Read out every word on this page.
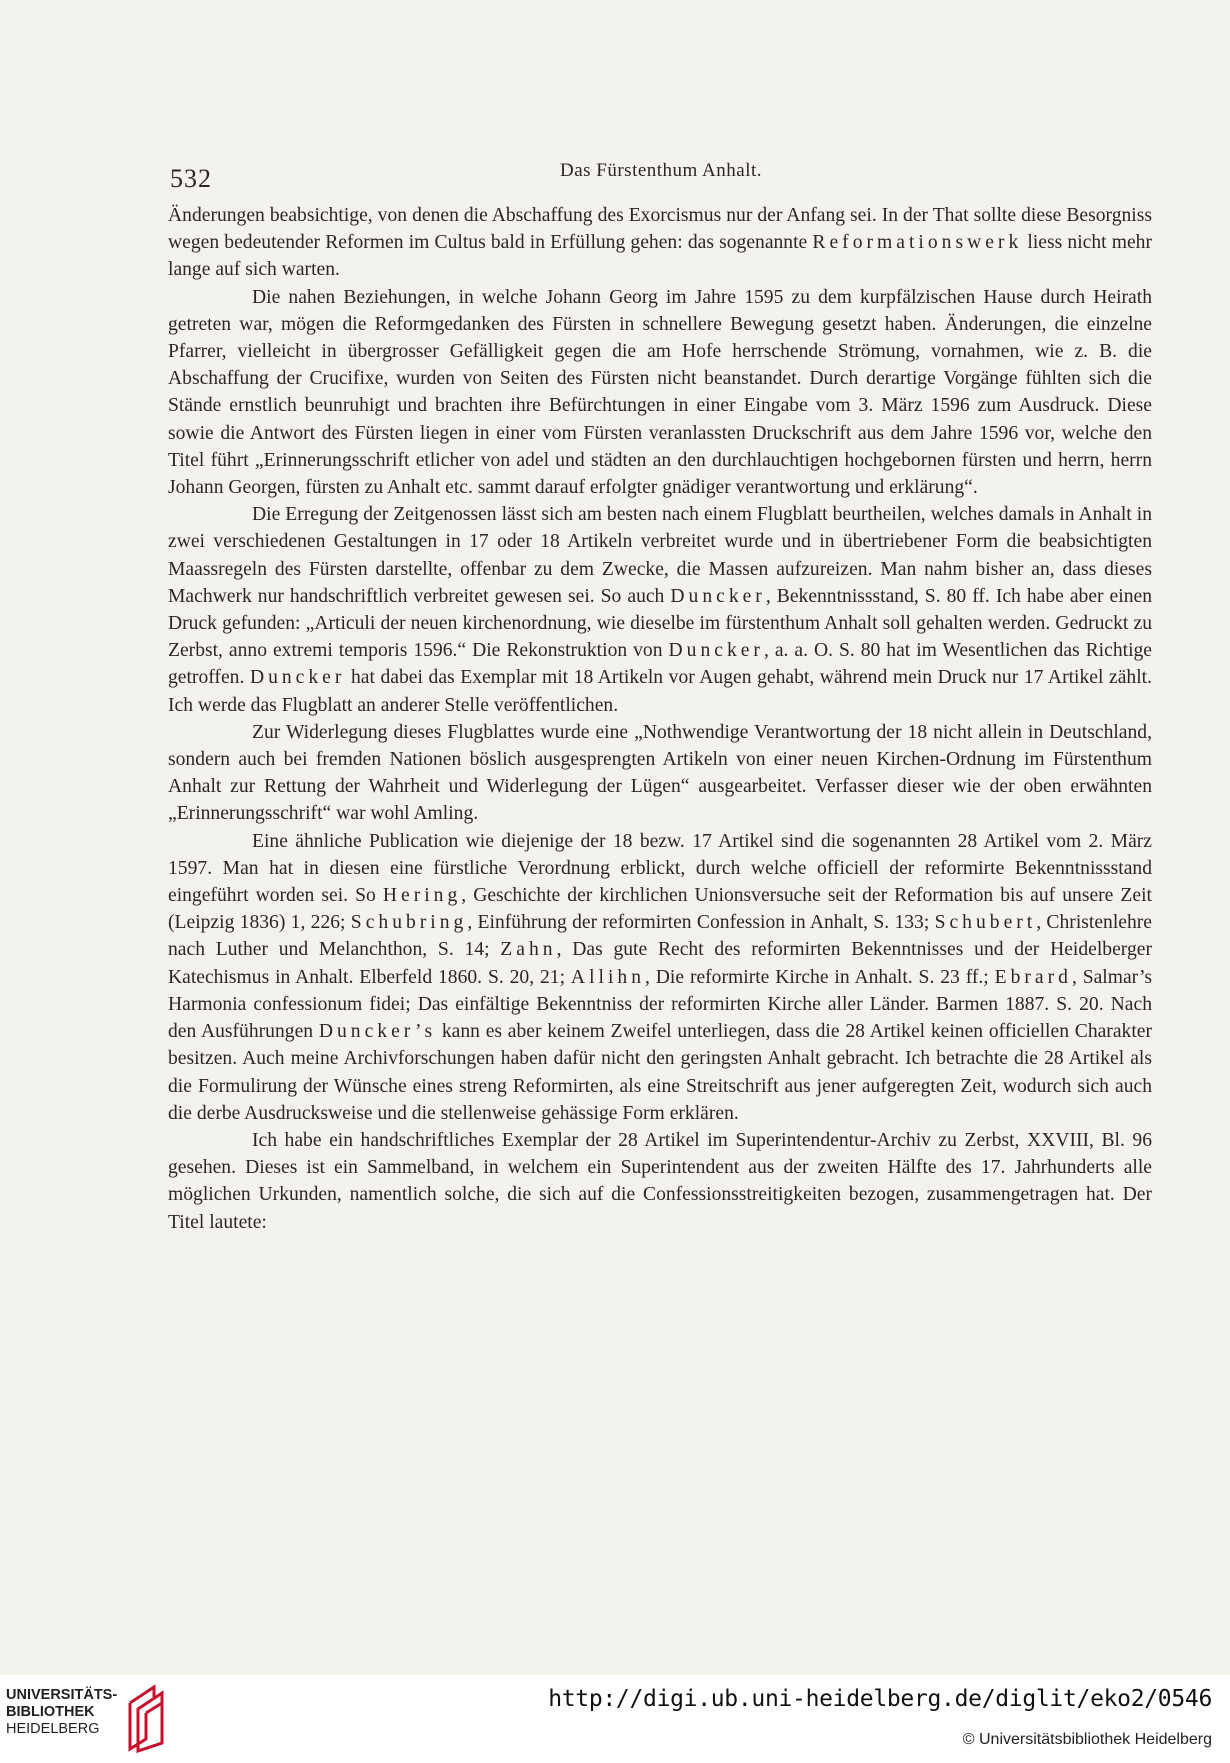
532	Das Fürstenthum Anhalt.

Änderungen beabsichtige, von denen die Abschaffung des Exorcismus nur der Anfang sei. In der That sollte diese Besorgniss wegen bedeutender Reformen im Cultus bald in Erfüllung gehen: das sogenannte Reformationswerk liess nicht mehr lange auf sich warten.

Die nahen Beziehungen, in welche Johann Georg im Jahre 1595 zu dem kurpfälzischen Hause durch Heirath getreten war, mögen die Reformgedanken des Fürsten in schnellere Bewegung gesetzt haben. Änderungen, die einzelne Pfarrer, vielleicht in übergrosser Gefälligkeit gegen die am Hofe herrschende Strömung, vornahmen, wie z. B. die Abschaffung der Crucifixe, wurden von Seiten des Fürsten nicht beanstandet. Durch derartige Vorgänge fühlten sich die Stände ernstlich beunruhigt und brachten ihre Befürchtungen in einer Eingabe vom 3. März 1596 zum Ausdruck. Diese sowie die Antwort des Fürsten liegen in einer vom Fürsten veranlassten Druckschrift aus dem Jahre 1596 vor, welche den Titel führt „Erinnerungsschrift etlicher von adel und städten an den durchlauchtigen hochgebornen fürsten und herrn, herrn Johann Georgen, fürsten zu Anhalt etc. sammt darauf erfolgter gnädiger verantwortung und erklärung“.

Die Erregung der Zeitgenossen lässt sich am besten nach einem Flugblatt beurtheilen, welches damals in Anhalt in zwei verschiedenen Gestaltungen in 17 oder 18 Artikeln verbreitet wurde und in übertriebener Form die beabsichtigten Maassregeln des Fürsten darstellte, offenbar zu dem Zwecke, die Massen aufzureizen. Man nahm bisher an, dass dieses Machwerk nur handschriftlich verbreitet gewesen sei. So auch Duncker, Bekenntnissstand, S. 80 ff. Ich habe aber einen Druck gefunden: „Articuli der neuen kirchenordnung, wie dieselbe im fürstenthum Anhalt soll gehalten werden. Gedruckt zu Zerbst, anno extremi temporis 1596.“ Die Rekonstruktion von Duncker, a. a. O. S. 80 hat im Wesentlichen das Richtige getroffen. Duncker hat dabei das Exemplar mit 18 Artikeln vor Augen gehabt, während mein Druck nur 17 Artikel zählt. Ich werde das Flugblatt an anderer Stelle veröffentlichen.

Zur Widerlegung dieses Flugblattes wurde eine „Nothwendige Verantwortung der 18 nicht allein in Deutschland, sondern auch bei fremden Nationen böslich ausgesprengten Artikeln von einer neuen Kirchen-Ordnung im Fürstenthum Anhalt zur Rettung der Wahrheit und Widerlegung der Lügen“ ausgearbeitet. Verfasser dieser wie der oben erwähnten „Erinnerungsschrift“ war wohl Amling.

Eine ähnliche Publication wie diejenige der 18 bezw. 17 Artikel sind die sogenannten 28 Artikel vom 2. März 1597. Man hat in diesen eine fürstliche Verordnung erblickt, durch welche officiell der reformirte Bekenntnissstand eingeführt worden sei. So Hering, Geschichte der kirchlichen Unionsversuche seit der Reformation bis auf unsere Zeit (Leipzig 1836) 1, 226; Schubring, Einführung der reformirten Confession in Anhalt, S. 133; Schubert, Christenlehre nach Luther und Melanchthon, S. 14; Zahn, Das gute Recht des reformirten Bekenntnisses und der Heidelberger Katechismus in Anhalt. Elberfeld 1860. S. 20, 21; Allihn, Die reformirte Kirche in Anhalt. S. 23 ff.; Ebrard, Salmar’s Harmonia confessionum fidei; Das einfältige Bekenntniss der reformirten Kirche aller Länder. Barmen 1887. S. 20. Nach den Ausführungen Duncker’s kann es aber keinem Zweifel unterliegen, dass die 28 Artikel keinen officiellen Charakter besitzen. Auch meine Archivforschungen haben dafür nicht den geringsten Anhalt gebracht. Ich betrachte die 28 Artikel als die Formulirung der Wünsche eines streng Reformirten, als eine Streitschrift aus jener aufgeregten Zeit, wodurch sich auch die derbe Ausdrucksweise und die stellenweise gehässige Form erklären.

Ich habe ein handschriftliches Exemplar der 28 Artikel im Superintendentur-Archiv zu Zerbst, XXVIII, Bl. 96 gesehen. Dieses ist ein Sammelband, in welchem ein Superintendent aus der zweiten Hälfte des 17. Jahrhunderts alle möglichen Urkunden, namentlich solche, die sich auf die Confessionsstreitigkeiten bezogen, zusammengetragen hat. Der Titel lautete:

UNIVERSITÄTS-
BIBLIOTHEK
HEIDELBERG
http://digi.ub.uni-heidelberg.de/diglit/eko2/0546
© Universitätsbibliothek Heidelberg
